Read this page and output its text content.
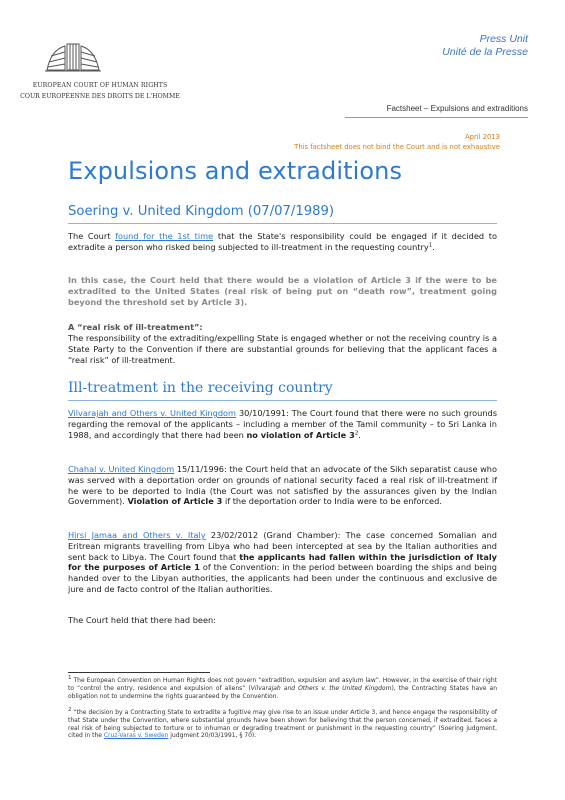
EUROPEAN COURT OF HUMAN RIGHTS
COUR EUROPÉENNE DES DROITS DE L'HOMME
Press Unit
Unité de la Presse
Factsheet – Expulsions and extraditions
April 2013
This factsheet does not bind the Court and is not exhaustive
Expulsions and extraditions
Soering v. United Kingdom (07/07/1989)
The Court found for the 1st time that the State's responsibility could be engaged if it decided to extradite a person who risked being subjected to ill-treatment in the requesting country$^1$.
In this case, the Court held that there would be a violation of Article 3 if the were to be extradited to the United States (real risk of being put on “death row”, treatment going beyond the threshold set by Article 3).
A “real risk of ill-treatment”:
The responsibility of the extraditing/expelling State is engaged whether or not the receiving country is a State Party to the Convention if there are substantial grounds for believing that the applicant faces a “real risk” of ill-treatment.
Ill-treatment in the receiving country
Vilvarajah and Others v. United Kingdom 30/10/1991: The Court found that there were no such grounds regarding the removal of the applicants – including a member of the Tamil community – to Sri Lanka in 1988, and accordingly that there had been no violation of Article $3^2$.
Chahal v. United Kingdom 15/11/1996: the Court held that an advocate of the Sikh separatist cause who was served with a deportation order on grounds of national security faced a real risk of ill-treatment if he were to be deported to India (the Court was not satisfied by the assurances given by the Indian Government). Violation of Article 3 if the deportation order to India were to be enforced.
Hirsi Jamaa and Others v. Italy 23/02/2012 (Grand Chamber): The case concerned Somalian and Eritrean migrants travelling from Libya who had been intercepted at sea by the Italian authorities and sent back to Libya. The Court found that the applicants had fallen within the jurisdiction of Italy for the purposes of Article 1 of the Convention: in the period between boarding the ships and being handed over to the Libyan authorities, the applicants had been under the continuous and exclusive de jure and de facto control of the Italian authorities.
The Court held that there had been:
1 The European Convention on Human Rights does not govern “extradition, expulsion and asylum law”. However, in the exercise of their right to “control the entry, residence and expulsion of aliens” (Vilvarajah and Others v. the United Kingdom), the Contracting States have an obligation not to undermine the rights guaranteed by the Convention.
2 “the decision by a Contracting State to extradite a fugitive may give rise to an issue under Article 3, and hence engage the responsibility of that State under the Convention, where substantial grounds have been shown for believing that the person concerned, if extradited, faces a real risk of being subjected to torture or to inhuman or degrading treatment or punishment in the requesting country” (Soering judgment, cited in the Cruz-Varas v. Sweden judgment 20/03/1991, § 70).
